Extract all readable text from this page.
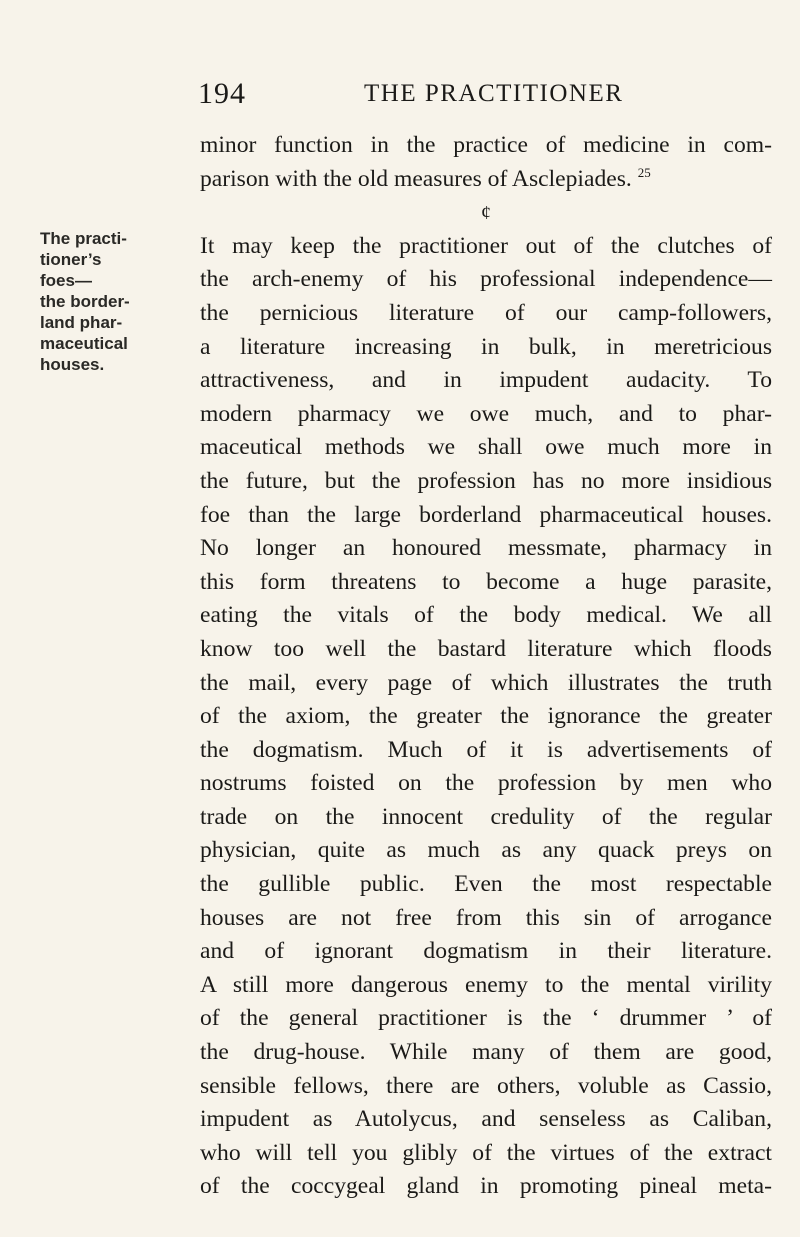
194	THE PRACTITIONER
The practi-
tioner’s
foes—
the border-
land phar-
maceutical
houses.
minor function in the practice of medicine in com-
parison with the old measures of Asclepiades. $^{25}$
¢
It may keep the practitioner out of the clutches of
the arch-enemy of his professional independence—
the pernicious literature of our camp-followers,
a literature increasing in bulk, in meretricious
attractiveness, and in impudent audacity. To
modern pharmacy we owe much, and to phar-
maceutical methods we shall owe much more in
the future, but the profession has no more insidious
foe than the large borderland pharmaceutical houses.
No longer an honoured messmate, pharmacy in
this form threatens to become a huge parasite,
eating the vitals of the body medical. We all
know too well the bastard literature which floods
the mail, every page of which illustrates the truth
of the axiom, the greater the ignorance the greater
the dogmatism. Much of it is advertisements of
nostrums foisted on the profession by men who
trade on the innocent credulity of the regular
physician, quite as much as any quack preys on
the gullible public. Even the most respectable
houses are not free from this sin of arrogance
and of ignorant dogmatism in their literature.
A still more dangerous enemy to the mental virility
of the general practitioner is the ‘ drummer ’ of
the drug-house. While many of them are good,
sensible fellows, there are others, voluble as Cassio,
impudent as Autolycus, and senseless as Caliban,
who will tell you glibly of the virtues of the extract
of the coccygeal gland in promoting pineal meta-
